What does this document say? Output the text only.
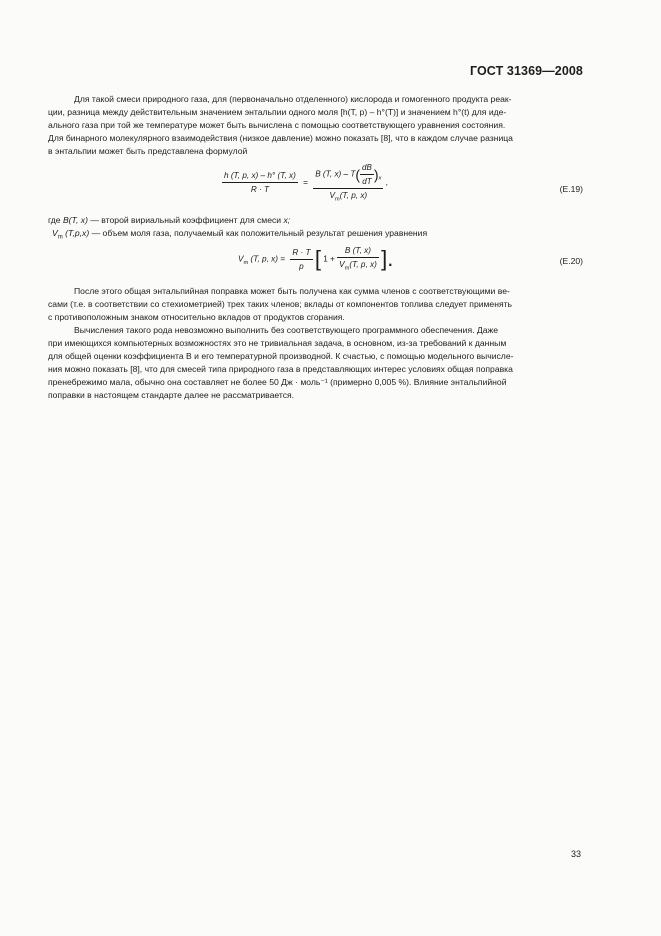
ГОСТ 31369—2008
Для такой смеси природного газа, для (первоначально отделенного) кислорода и гомогенного продукта реак-
ции, разница между действительным значением энтальпии одного моля [h(T, p) – h°(T)] и значением h°(t) для иде-
ального газа при той же температуре может быть вычислена с помощью соответствующего уравнения состояния.
Для бинарного молекулярного взаимодействия (низкое давление) можно показать [8], что в каждом случае разница
в энтальпии может быть представлена формулой
$\frac{h (T, p, x) - h^\circ (T, x)}{R \cdot T} = \frac{B (T, x) - T( \frac{dB}{dT} )_x}{V_m(T, p, x)}$ ,
(Е.19)
где B(T, x) — второй вириальный коэффициент для смеси x;
$V_m$ (T,p,x) — объем моля газа, получаемый как положительный результат решения уравнения
$V_m$ (T, p, $x) = \frac{R \cdot T}{p}$ [ $1 + \frac{B (T, x)}{V_m(T, p, x)}$ ].	(Е.20)
После этого общая энтальпийная поправка может быть получена как сумма членов с соответствующими ве-
сами (т.е. в соответствии со стехиометрией) трех таких членов; вклады от компонентов топлива следует применять
с противоположным знаком относительно вкладов от продуктов сгорания.
Вычисления такого рода невозможно выполнить без соответствующего программного обеспечения. Даже
при имеющихся компьютерных возможностях это не тривиальная задача, в основном, из-за требований к данным
для общей оценки коэффициента B и его температурной производной. К счастью, с помощью модельного вычисле-
ния можно показать [8], что для смесей типа природного газа в представляющих интерес условиях общая поправка
пренебрежимо мала, обычно она составляет не более 50 Дж · моль⁻¹ (примерно 0,005 %). Влияние энтальпийной
поправки в настоящем стандарте далее не рассматривается.
33
